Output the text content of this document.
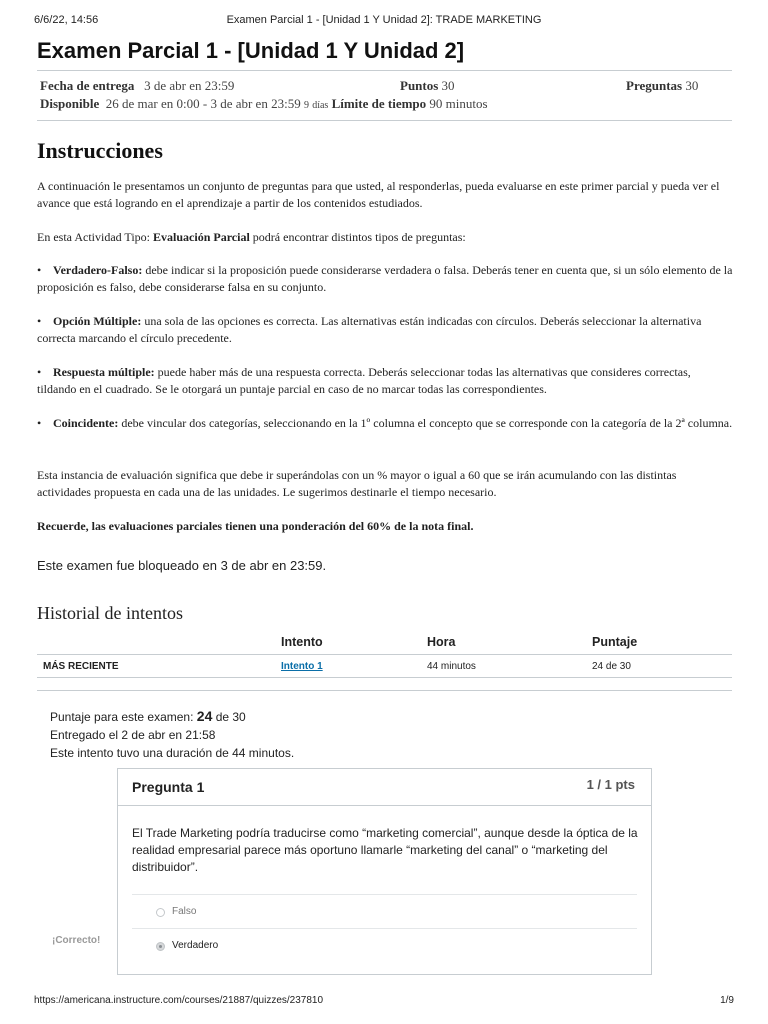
6/6/22, 14:56	Examen Parcial 1 - [Unidad 1 Y Unidad 2]: TRADE MARKETING
Examen Parcial 1 - [Unidad 1 Y Unidad 2]
Fecha de entrega 3 de abr en 23:59	Puntos 30	Preguntas 30
Disponible 26 de mar en 0:00 - 3 de abr en 23:59 9 días Límite de tiempo 90 minutos
Instrucciones

A continuación le presentamos un conjunto de preguntas para que usted, al responderlas, pueda evaluarse en este primer parcial y pueda ver el avance que está logrando en el aprendizaje a partir de los contenidos estudiados.

En esta Actividad Tipo: Evaluación Parcial podrá encontrar distintos tipos de preguntas:

• Verdadero-Falso: debe indicar si la proposición puede considerarse verdadera o falsa. Deberás tener en cuenta que, si un sólo elemento de la proposición es falso, debe considerarse falsa en su conjunto.

• Opción Múltiple: una sola de las opciones es correcta. Las alternativas están indicadas con círculos. Deberás seleccionar la alternativa correcta marcando el círculo precedente.

• Respuesta múltiple: puede haber más de una respuesta correcta. Deberás seleccionar todas las alternativas que consideres correctas, tildando en el cuadrado. Se le otorgará un puntaje parcial en caso de no marcar todas las correspondientes.

• Coincidente: debe vincular dos categorías, seleccionando en la 1º columna el concepto que se corresponde con la categoría de la 2ª columna.

Esta instancia de evaluación significa que debe ir superándolas con un % mayor o igual a 60 que se irán acumulando con las distintas actividades propuesta en cada una de las unidades. Le sugerimos destinarle el tiempo necesario.

Recuerde, las evaluaciones parciales tienen una ponderación del 60% de la nota final.

Este examen fue bloqueado en 3 de abr en 23:59.

Historial de intentos
	Intento	Hora	Puntaje
MÁS RECIENTE	Intento 1	44 minutos	24 de 30
Puntaje para este examen: 24 de 30
Entregado el 2 de abr en 21:58
Este intento tuvo una duración de 44 minutos.
¡Correcto!
Pregunta 1	1 / 1 pts
El Trade Marketing podría traducirse como “marketing comercial”, aunque desde la óptica de la realidad empresarial parece más oportuno llamarle “marketing del canal” o “marketing del distribuidor”.
Falso
Verdadero
https://americana.instructure.com/courses/21887/quizzes/237810	1/9
